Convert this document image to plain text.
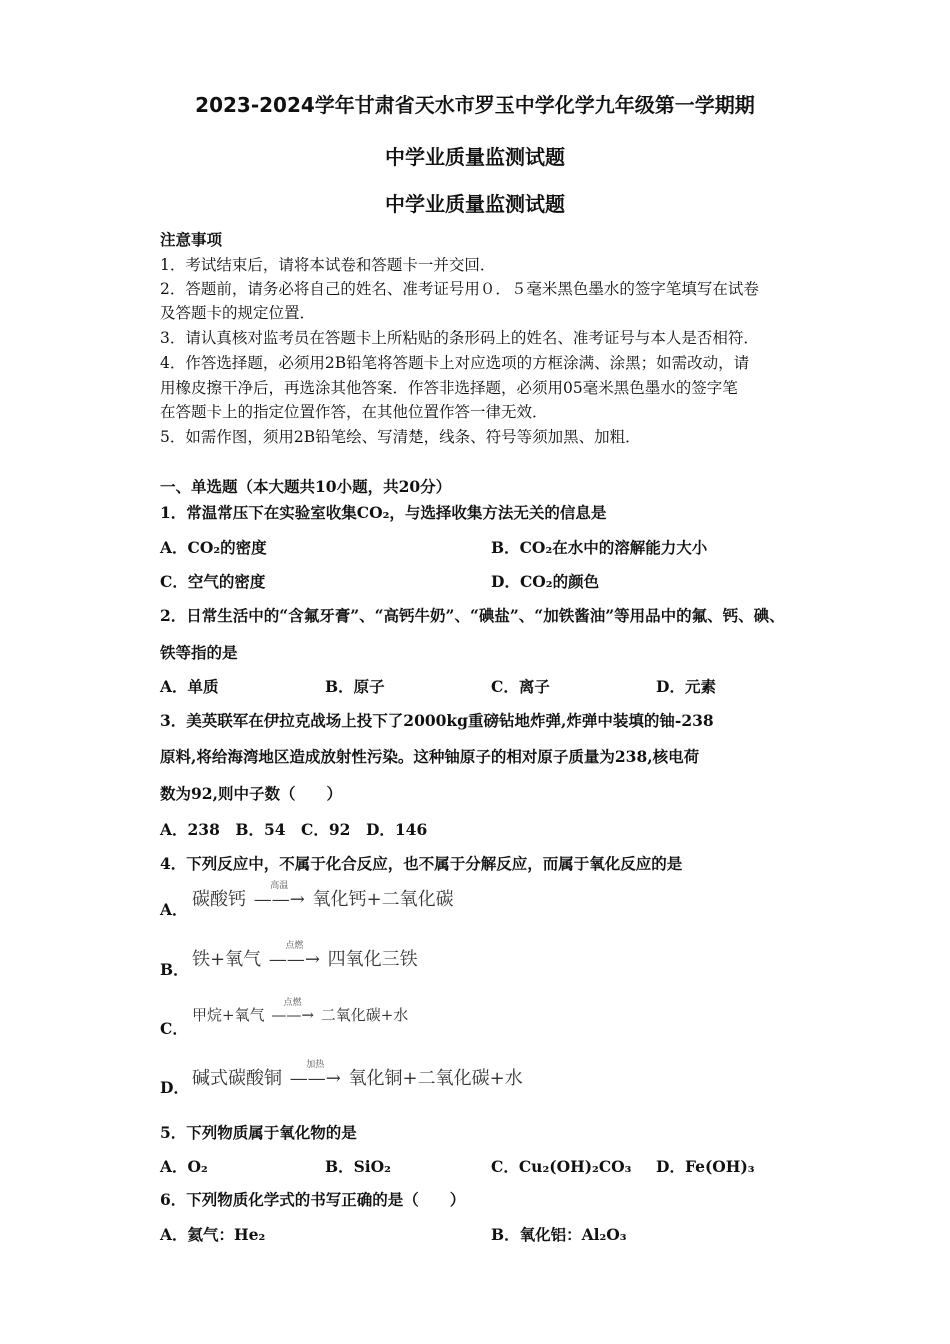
2023-2024学年甘肃省天水市罗玉中学化学九年级第一学期期
中学业质量监测试题
中学业质量监测试题
注意事项
1．考试结束后，请将本试卷和答题卡一并交回．
2．答题前，请务必将自己的姓名、准考证号用０．５毫米黑色墨水的签字笔填写在试卷
及答题卡的规定位置．
3．请认真核对监考员在答题卡上所粘贴的条形码上的姓名、准考证号与本人是否相符．
4．作答选择题，必须用2B铅笔将答题卡上对应选项的方框涂满、涂黑；如需改动，请
用橡皮擦干净后，再选涂其他答案．作答非选择题，必须用05毫米黑色墨水的签字笔
在答题卡上的指定位置作答，在其他位置作答一律无效．
5．如需作图，须用2B铅笔绘、写清楚，线条、符号等须加黑、加粗．
一、单选题（本大题共10小题，共20分）
1．常温常压下在实验室收集CO₂，与选择收集方法无关的信息是
A．CO₂的密度	B．CO₂在水中的溶解能力大小
C．空气的密度	D．CO₂的颜色
2．日常生活中的“含氟牙膏”、“高钙牛奶”、“碘盐”、“加铁酱油”等用品中的氟、钙、碘、
铁等指的是
A．单质	B．原子	C．离子	D．元素
3．美英联军在伊拉克战场上投下了2000kg重磅钻地炸弹,炸弹中装填的铀-238
原料,将给海湾地区造成放射性污染。这种铀原子的相对原子质量为238,核电荷
数为92,则中子数（　　）
A．238　B．54　C．92　D．146
4．下列反应中，不属于化合反应，也不属于分解反应，而属于氧化反应的是
A． 碳酸钙 ——→
高温
氧化钙+二氧化碳
B． 铁+氧气 ——→
点燃
四氧化三铁
C．
甲烷+氧气 ——→
点燃
二氧化碳+水
D． 碱式碳酸铜 ——→
加热
氧化铜+二氧化碳+水
5．下列物质属于氧化物的是
A．O₂	B．SiO₂	C．Cu₂(OH)₂CO₃ D．Fe(OH)₃
6．下列物质化学式的书写正确的是（　　）
A．氦气：He₂	B．氧化铝：Al₂O₃
